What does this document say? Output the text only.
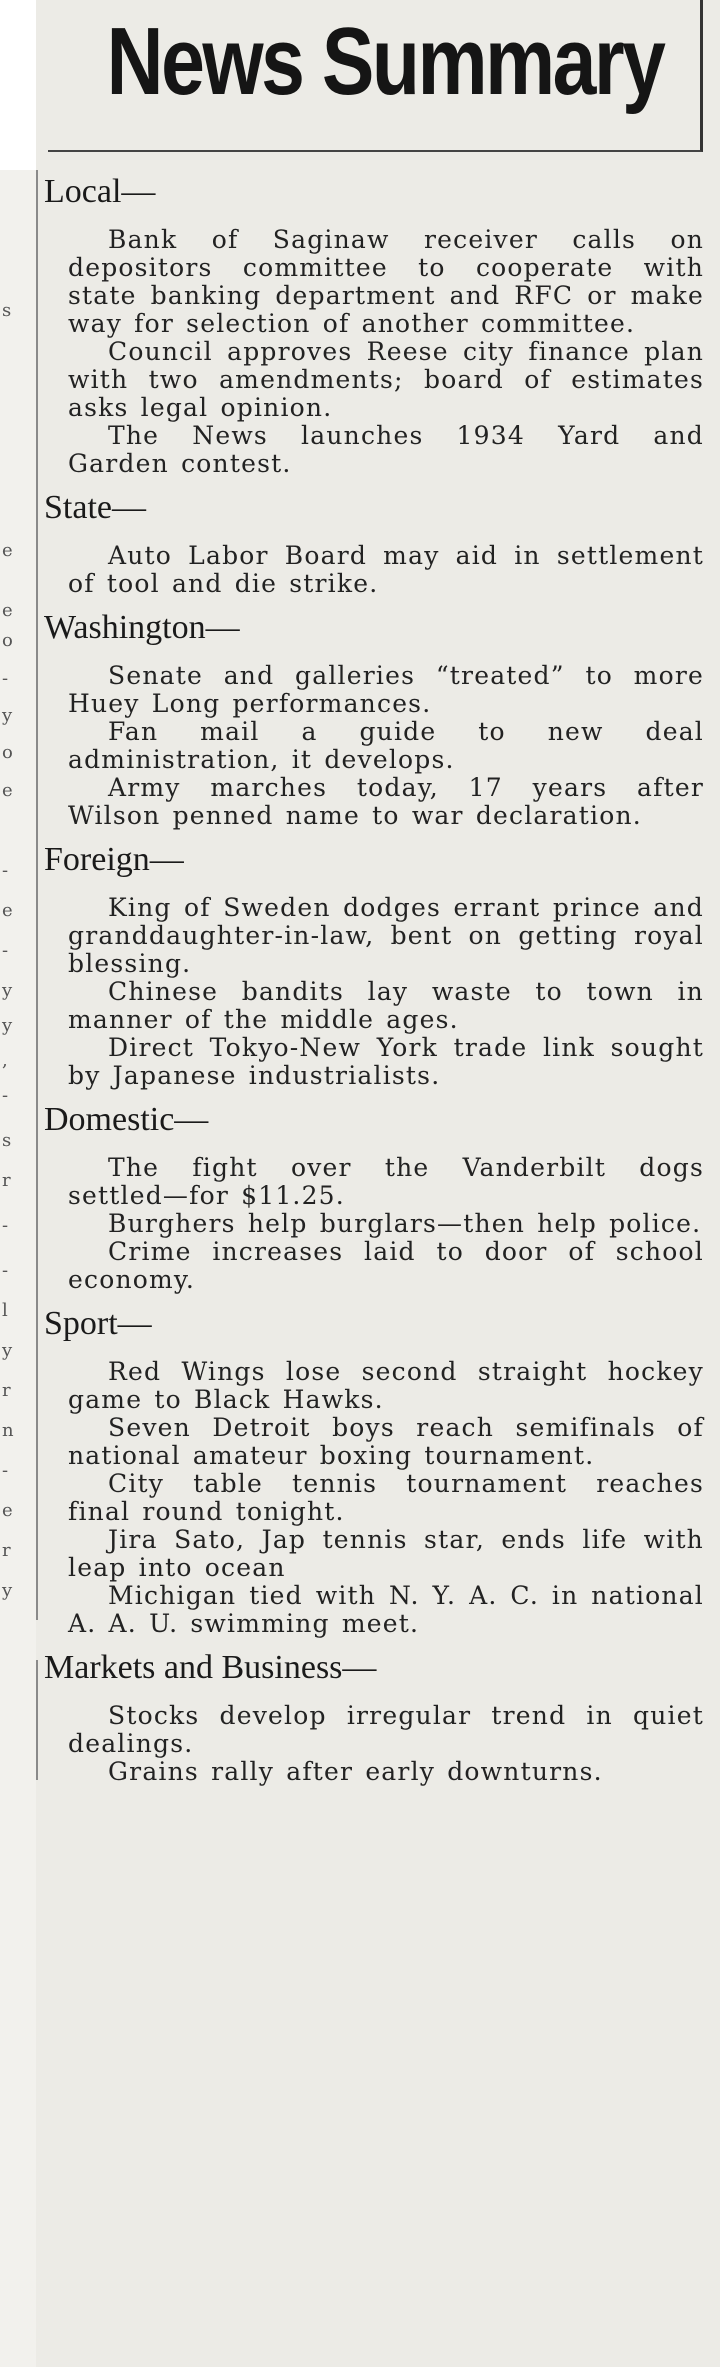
s
e
e
o
-
y
o
e
-
e
-
y
y
,
-
s
r
-
-
l
y
r
n
-
e
r
y
News Summary
Local—

Bank of Saginaw receiver calls on depositors committee to cooperate with state banking department and RFC or make way for selection of another committee.

Council approves Reese city finance plan with two amendments; board of estimates asks legal opinion.

The News launches 1934 Yard and Garden contest.

State—

Auto Labor Board may aid in settlement of tool and die strike.

Washington—

Senate and galleries “treated” to more Huey Long performances.

Fan mail a guide to new deal administration, it develops.

Army marches today, 17 years after Wilson penned name to war declaration.

Foreign—

King of Sweden dodges errant prince and granddaughter-in-law, bent on getting royal blessing.

Chinese bandits lay waste to town in manner of the middle ages.

Direct Tokyo-New York trade link sought by Japanese industrialists.

Domestic—

The fight over the Vanderbilt dogs settled—for $11.25.

Burghers help burglars—then help police.

Crime increases laid to door of school economy.

Sport—

Red Wings lose second straight hockey game to Black Hawks.

Seven Detroit boys reach semifinals of national amateur boxing tournament.

City table tennis tournament reaches final round tonight.

Jira Sato, Jap tennis star, ends life with leap into ocean

Michigan tied with N. Y. A. C. in national A. A. U. swimming meet.

Markets and Business—

Stocks develop irregular trend in quiet dealings.

Grains rally after early downturns.
